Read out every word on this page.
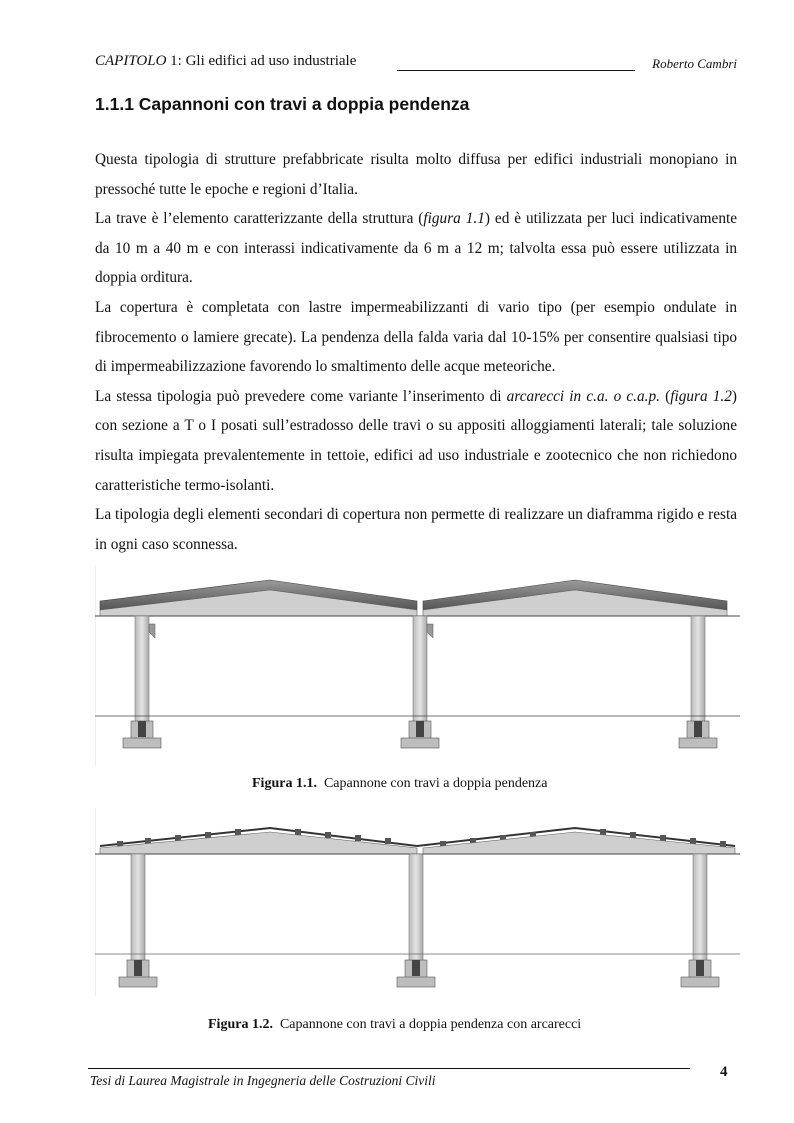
CAPITOLO 1: Gli edifici ad uso industriale	Roberto Cambri
1.1.1 Capannoni con travi a doppia pendenza

Questa tipologia di strutture prefabbricate risulta molto diffusa per edifici industriali monopiano in pressoché tutte le epoche e regioni d’Italia.

La trave è l’elemento caratterizzante della struttura (figura 1.1) ed è utilizzata per luci indicativamente da 10 m a 40 m e con interassi indicativamente da 6 m a 12 m; talvolta essa può essere utilizzata in doppia orditura.

La copertura è completata con lastre impermeabilizzanti di vario tipo (per esempio ondulate in fibrocemento o lamiere grecate). La pendenza della falda varia dal 10-15% per consentire qualsiasi tipo di impermeabilizzazione favorendo lo smaltimento delle acque meteoriche.

La stessa tipologia può prevedere come variante l’inserimento di arcarecci in c.a. o c.a.p. (figura 1.2) con sezione a T o I posati sull’estradosso delle travi o su appositi alloggiamenti laterali; tale soluzione risulta impiegata prevalentemente in tettoie, edifici ad uso industriale e zootecnico che non richiedono caratteristiche termo-isolanti.

La tipologia degli elementi secondari di copertura non permette di realizzare un diaframma rigido e resta in ogni caso sconnessa.

Figura 1.1. Capannone con travi a doppia pendenza
Figura 1.2. Capannone con travi a doppia pendenza con arcarecci
Tesi di Laurea Magistrale in Ingegneria delle Costruzioni Civili
4
